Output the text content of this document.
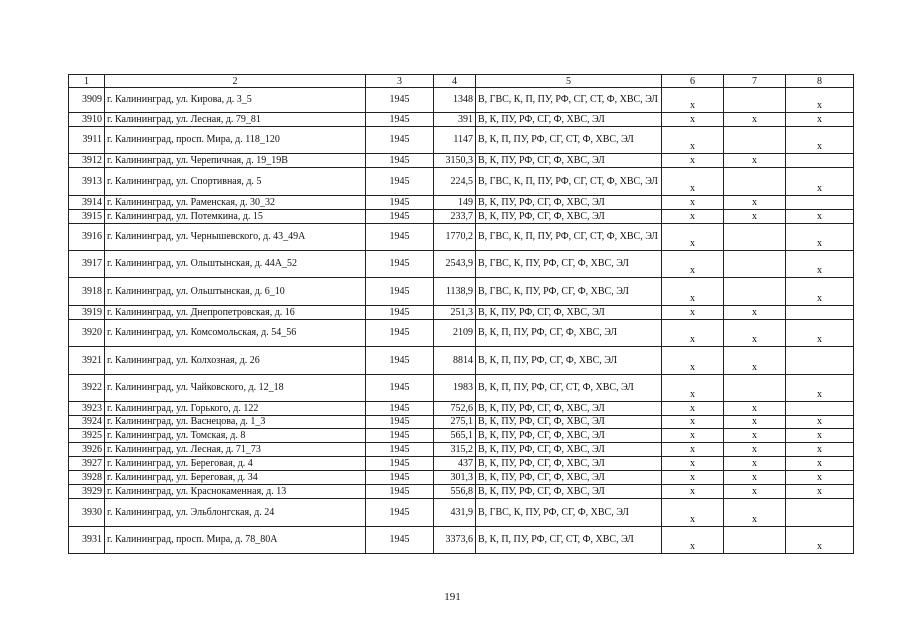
1	2	3	4	5	6	7	8
3909	г. Калининград, ул. Кирова, д. 3_5	1945	1348	В, ГВС, К, П, ПУ, РФ, СГ, СТ, Ф, ХВС, ЭЛ	х		х
3910	г. Калининград, ул. Лесная, д. 79_81	1945	391	В, К, ПУ, РФ, СГ, Ф, ХВС, ЭЛ	х	х	х
3911	г. Калининград, просп. Мира, д. 118_120	1945	1147	В, К, П, ПУ, РФ, СГ, СТ, Ф, ХВС, ЭЛ	х		х
3912	г. Калининград, ул. Черепичная, д. 19_19В	1945	3150,3	В, К, ПУ, РФ, СГ, Ф, ХВС, ЭЛ	х	х	
3913	г. Калининград, ул. Спортивная, д. 5	1945	224,5	В, ГВС, К, П, ПУ, РФ, СГ, СТ, Ф, ХВС, ЭЛ	х		х
3914	г. Калининград, ул. Раменская, д. 30_32	1945	149	В, К, ПУ, РФ, СГ, Ф, ХВС, ЭЛ	х	х	
3915	г. Калининград, ул. Потемкина, д. 15	1945	233,7	В, К, ПУ, РФ, СГ, Ф, ХВС, ЭЛ	х	х	х
3916	г. Калининград, ул. Чернышевского, д. 43_49А	1945	1770,2	В, ГВС, К, П, ПУ, РФ, СГ, СТ, Ф, ХВС, ЭЛ	х		х
3917	г. Калининград, ул. Ольштынская, д. 44А_52	1945	2543,9	В, ГВС, К, ПУ, РФ, СГ, Ф, ХВС, ЭЛ	х		х
3918	г. Калининград, ул. Ольштынская, д. 6_10	1945	1138,9	В, ГВС, К, ПУ, РФ, СГ, Ф, ХВС, ЭЛ	х		х
3919	г. Калининград, ул. Днепропетровская, д. 16	1945	251,3	В, К, ПУ, РФ, СГ, Ф, ХВС, ЭЛ	х	х	
3920	г. Калининград, ул. Комсомольская, д. 54_56	1945	2109	В, К, П, ПУ, РФ, СГ, Ф, ХВС, ЭЛ	х	х	х
3921	г. Калининград, ул. Колхозная, д. 26	1945	8814	В, К, П, ПУ, РФ, СГ, Ф, ХВС, ЭЛ	х	х	
3922	г. Калининград, ул. Чайковского, д. 12_18	1945	1983	В, К, П, ПУ, РФ, СГ, СТ, Ф, ХВС, ЭЛ	х		х
3923	г. Калининград, ул. Горького, д. 122	1945	752,6	В, К, ПУ, РФ, СГ, Ф, ХВС, ЭЛ	х	х	
3924	г. Калининград, ул. Васнецова, д. 1_3	1945	275,1	В, К, ПУ, РФ, СГ, Ф, ХВС, ЭЛ	х	х	х
3925	г. Калининград, ул. Томская, д. 8	1945	565,1	В, К, ПУ, РФ, СГ, Ф, ХВС, ЭЛ	х	х	х
3926	г. Калининград, ул. Лесная, д. 71_73	1945	315,2	В, К, ПУ, РФ, СГ, Ф, ХВС, ЭЛ	х	х	х
3927	г. Калининград, ул. Береговая, д. 4	1945	437	В, К, ПУ, РФ, СГ, Ф, ХВС, ЭЛ	х	х	х
3928	г. Калининград, ул. Береговая, д. 34	1945	301,3	В, К, ПУ, РФ, СГ, Ф, ХВС, ЭЛ	х	х	х
3929	г. Калининград, ул. Краснокаменная, д. 13	1945	556,8	В, К, ПУ, РФ, СГ, Ф, ХВС, ЭЛ	х	х	х
3930	г. Калининград, ул. Эльблонгская, д. 24	1945	431,9	В, ГВС, К, ПУ, РФ, СГ, Ф, ХВС, ЭЛ	х	х	
3931	г. Калининград, просп. Мира, д. 78_80А	1945	3373,6	В, К, П, ПУ, РФ, СГ, СТ, Ф, ХВС, ЭЛ	х		х
191
